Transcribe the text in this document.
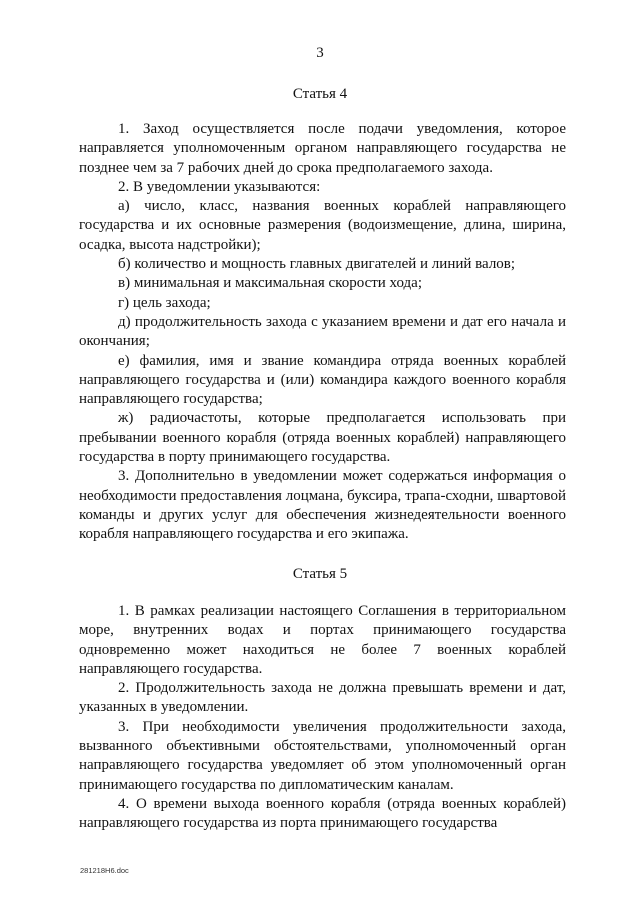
3
Статья 4

1. Заход осуществляется после подачи уведомления, которое направляется уполномоченным органом направляющего государства не позднее чем за 7 рабочих дней до срока предполагаемого захода.

2. В уведомлении указываются:

а) число, класс, названия военных кораблей направляющего государства и их основные размерения (водоизмещение, длина, ширина, осадка, высота надстройки);

б) количество и мощность главных двигателей и линий валов;

в) минимальная и максимальная скорости хода;

г) цель захода;

д) продолжительность захода с указанием времени и дат его начала и окончания;

е) фамилия, имя и звание командира отряда военных кораблей направляющего государства и (или) командира каждого военного корабля направляющего государства;

ж) радиочастоты, которые предполагается использовать при пребывании военного корабля (отряда военных кораблей) направляющего государства в порту принимающего государства.

3. Дополнительно в уведомлении может содержаться информация о необходимости предоставления лоцмана, буксира, трапа-сходни, швартовой команды и других услуг для обеспечения жизнедеятельности военного корабля направляющего государства и его экипажа.

Статья 5

1. В рамках реализации настоящего Соглашения в территориальном море, внутренних водах и портах принимающего государства одновременно может находиться не более 7 военных кораблей направляющего государства.

2. Продолжительность захода не должна превышать времени и дат, указанных в уведомлении.

3. При необходимости увеличения продолжительности захода, вызванного объективными обстоятельствами, уполномоченный орган направляющего государства уведомляет об этом уполномоченный орган принимающего государства по дипломатическим каналам.

4. О времени выхода военного корабля (отряда военных кораблей) направляющего государства из порта принимающего государства

281218H6.doc
